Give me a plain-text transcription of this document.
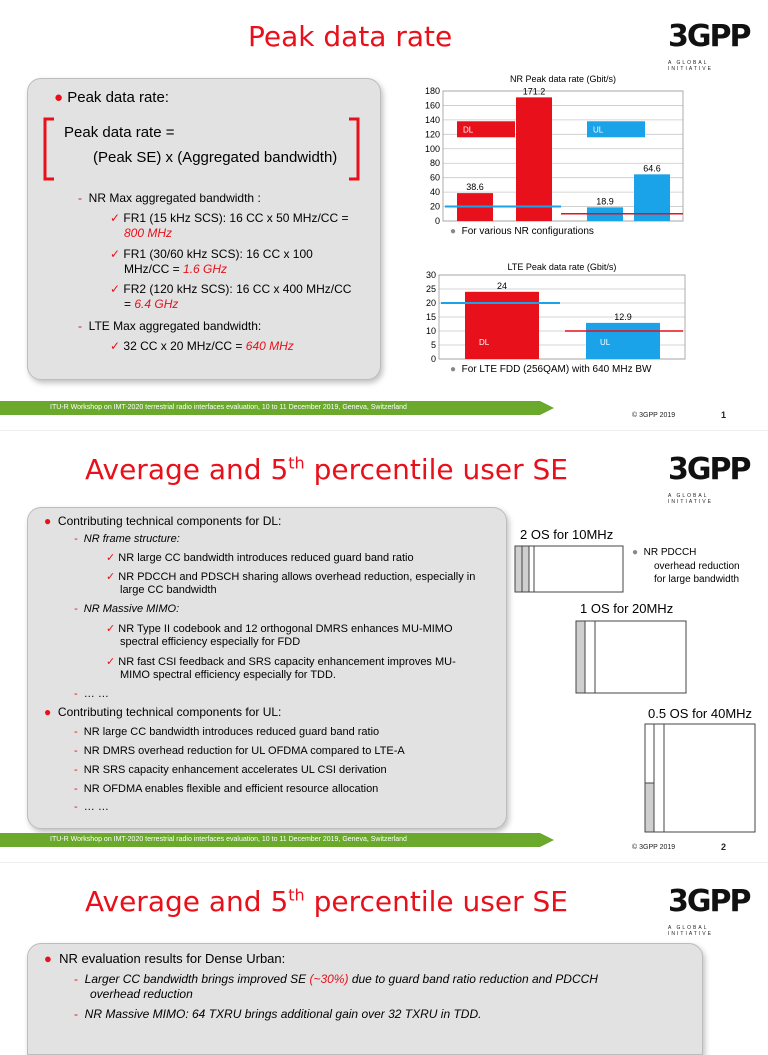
Peak data rate	3GPP
A GLOBAL INITIATIVE
● Peak data rate:
Peak data rate =
(Peak SE) x (Aggregated bandwidth)
- NR Max aggregated bandwidth :
✓ FR1 (15 kHz SCS): 16 CC x 50 MHz/CC =
800 MHz
✓ FR1 (30/60 kHz SCS): 16 CC x 100
MHz/CC = 1.6 GHz
✓ FR2 (120 kHz SCS): 16 CC x 400 MHz/CC
= 6.4 GHz
- LTE Max aggregated bandwidth:
✓ 32 CC x 20 MHz/CC = 640 MHz
NR Peak data rate (Gbit/s)
0
20
40
60
80
100
120
140
160
180
38.6
171.2
18.9
64.6
DL	UL
● For various NR configurations
LTE Peak data rate (Gbit/s)
0
5
10
15
20
25
30
24
DL
12.9
UL
● For LTE FDD (256QAM) with 640 MHz BW
ITU-R Workshop on IMT-2020 terrestrial radio interfaces evaluation, 10 to 11 December 2019, Geneva, Switzerland
© 3GPP 2019	1
Average and 5th percentile user SE	3GPP
A GLOBAL INITIATIVE
● Contributing technical components for DL:
- NR frame structure:
✓ NR large CC bandwidth introduces reduced guard band ratio
✓ NR PDCCH and PDSCH sharing allows overhead reduction, especially in
large CC bandwidth
- NR Massive MIMO:
✓ NR Type II codebook and 12 orthogonal DMRS enhances MU-MIMO
spectral efficiency especially for FDD
✓ NR fast CSI feedback and SRS capacity enhancement improves MU-
MIMO spectral efficiency especially for TDD.
- … …
● Contributing technical components for UL:
- NR large CC bandwidth introduces reduced guard band ratio
- NR DMRS overhead reduction for UL OFDMA compared to LTE-A
- NR SRS capacity enhancement accelerates UL CSI derivation
- NR OFDMA enables flexible and efficient resource allocation
- … …
2 OS for 10MHz
● NR PDCCH
overhead reduction
for large bandwidth
1 OS for 20MHz
0.5 OS for 40MHz
ITU-R Workshop on IMT-2020 terrestrial radio interfaces evaluation, 10 to 11 December 2019, Geneva, Switzerland
© 3GPP 2019	2
Average and 5th percentile user SE	3GPP
A GLOBAL INITIATIVE
● NR evaluation results for Dense Urban:
- Larger CC bandwidth brings improved SE (~30%) due to guard band ratio reduction and PDCCH
overhead reduction
- NR Massive MIMO: 64 TXRU brings additional gain over 32 TXRU in TDD.
